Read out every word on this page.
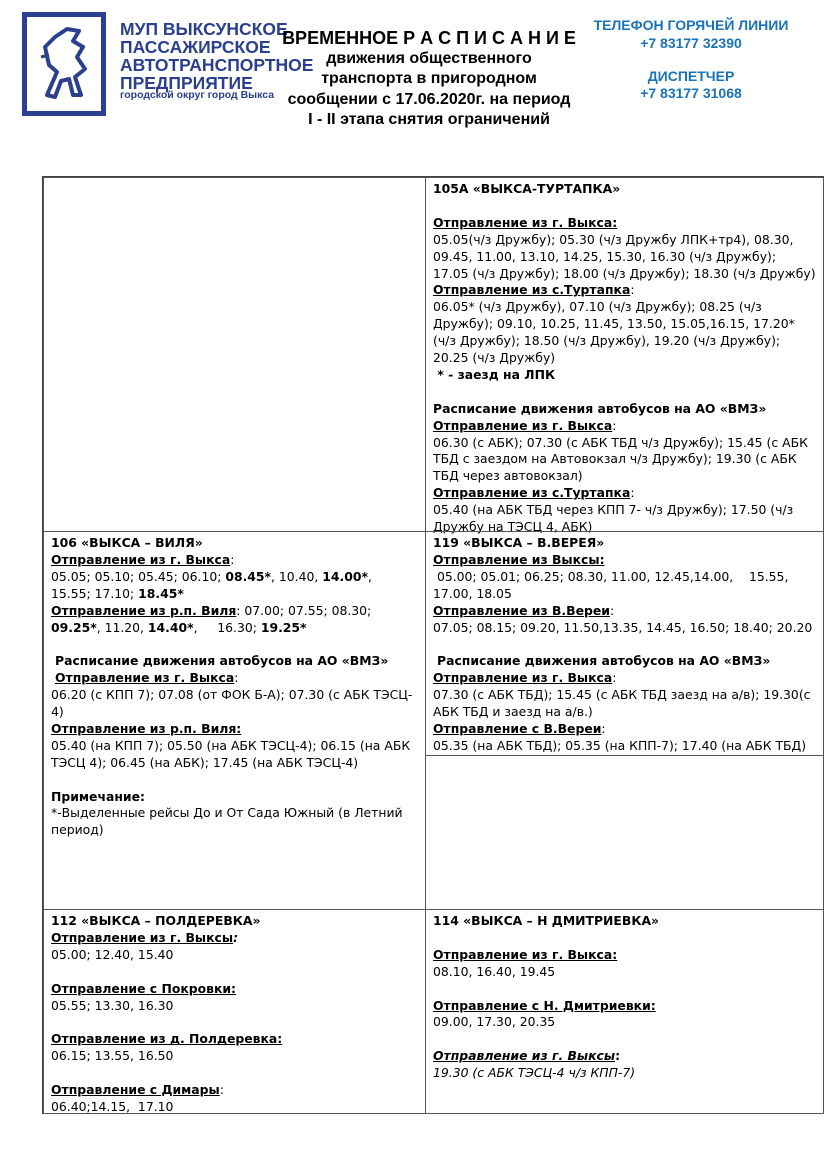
МУП ВЫКСУНСКОЕ
ПАССАЖИРСКОЕ
АВТОТРАНСПОРТНОЕ
ПРЕДПРИЯТИЕ
городской округ город Выкса
ВРЕМЕННОЕ Р А С П И С А Н И Е
движения общественного
транспорта в пригородном
сообщении с 17.06.2020г. на период
I - II этапа снятия ограничений
ТЕЛЕФОН ГОРЯЧЕЙ ЛИНИИ
+7 83177 32390
ДИСПЕТЧЕР
+7 83177 31068
105А «ВЫКСА-ТУРТАПКА»
Отправление из г. Выкса:
05.05(ч/з Дружбу); 05.30 (ч/з Дружбу ЛПК+тр4), 08.30,
09.45, 11.00, 13.10, 14.25, 15.30, 16.30 (ч/з Дружбу);
17.05 (ч/з Дружбу); 18.00 (ч/з Дружбу); 18.30 (ч/з Дружбу)
Отправление из с.Туртапка:
06.05* (ч/з Дружбу), 07.10 (ч/з Дружбу); 08.25 (ч/з
Дружбу); 09.10, 10.25, 11.45, 13.50, 15.05,16.15, 17.20*
(ч/з Дружбу); 18.50 (ч/з Дружбу), 19.20 (ч/з Дружбу);
20.25 (ч/з Дружбу)
* - заезд на ЛПК
Расписание движения автобусов на АО «ВМЗ»
Отправление из г. Выкса:
06.30 (с АБК); 07.30 (с АБК ТБД ч/з Дружбу); 15.45 (с АБК
ТБД с заездом на Автовокзал ч/з Дружбу); 19.30 (с АБК
ТБД через автовокзал)
Отправление из с.Туртапка:
05.40 (на АБК ТБД через КПП 7- ч/з Дружбу); 17.50 (ч/з
Дружбу на ТЭСЦ 4, АБК)
106 «ВЫКСА – ВИЛЯ»
Отправление из г. Выкса:
05.05; 05.10; 05.45; 06.10; 08.45*, 10.40, 14.00*,
15.55; 17.10; 18.45*
Отправление из р.п. Виля: 07.00; 07.55; 08.30;
09.25*, 11.20, 14.40*,     16.30; 19.25*
Расписание движения автобусов на АО «ВМЗ»
Отправление из г. Выкса:
06.20 (с КПП 7); 07.08 (от ФОК Б-А); 07.30 (с АБК ТЭСЦ-
4)
Отправление из р.п. Виля:
05.40 (на КПП 7); 05.50 (на АБК ТЭСЦ-4); 06.15 (на АБК
ТЭСЦ 4); 06.45 (на АБК); 17.45 (на АБК ТЭСЦ-4)
Примечание:
*-Выделенные рейсы До и От Сада Южный (в Летний
период)
119 «ВЫКСА – В.ВЕРЕЯ»
Отправление из Выксы:
05.00; 05.01; 06.25; 08.30, 11.00, 12.45,14.00,    15.55,
17.00, 18.05
Отправление из В.Вереи:
07.05; 08.15; 09.20, 11.50,13.35, 14.45, 16.50; 18.40; 20.20
Расписание движения автобусов на АО «ВМЗ»
Отправление из г. Выкса:
07.30 (с АБК ТБД); 15.45 (с АБК ТБД заезд на а/в); 19.30(с
АБК ТБД и заезд на а/в.)
Отправление с В.Вереи:
05.35 (на АБК ТБД); 05.35 (на КПП-7); 17.40 (на АБК ТБД)
112 «ВЫКСА – ПОЛДЕРЕВКА»
Отправление из г. Выксы:
05.00; 12.40, 15.40
Отправление с Покровки:
05.55; 13.30, 16.30
Отправление из д. Полдеревка:
06.15; 13.55, 16.50
Отправление с Димары:
06.40;14.15,  17.10
114 «ВЫКСА – Н ДМИТРИЕВКА»
Отправление из г. Выкса:
08.10, 16.40, 19.45
Отправление с Н. Дмитриевки:
09.00, 17.30, 20.35
Отправление из г. Выксы:
19.30 (с АБК ТЭСЦ-4 ч/з КПП-7)
